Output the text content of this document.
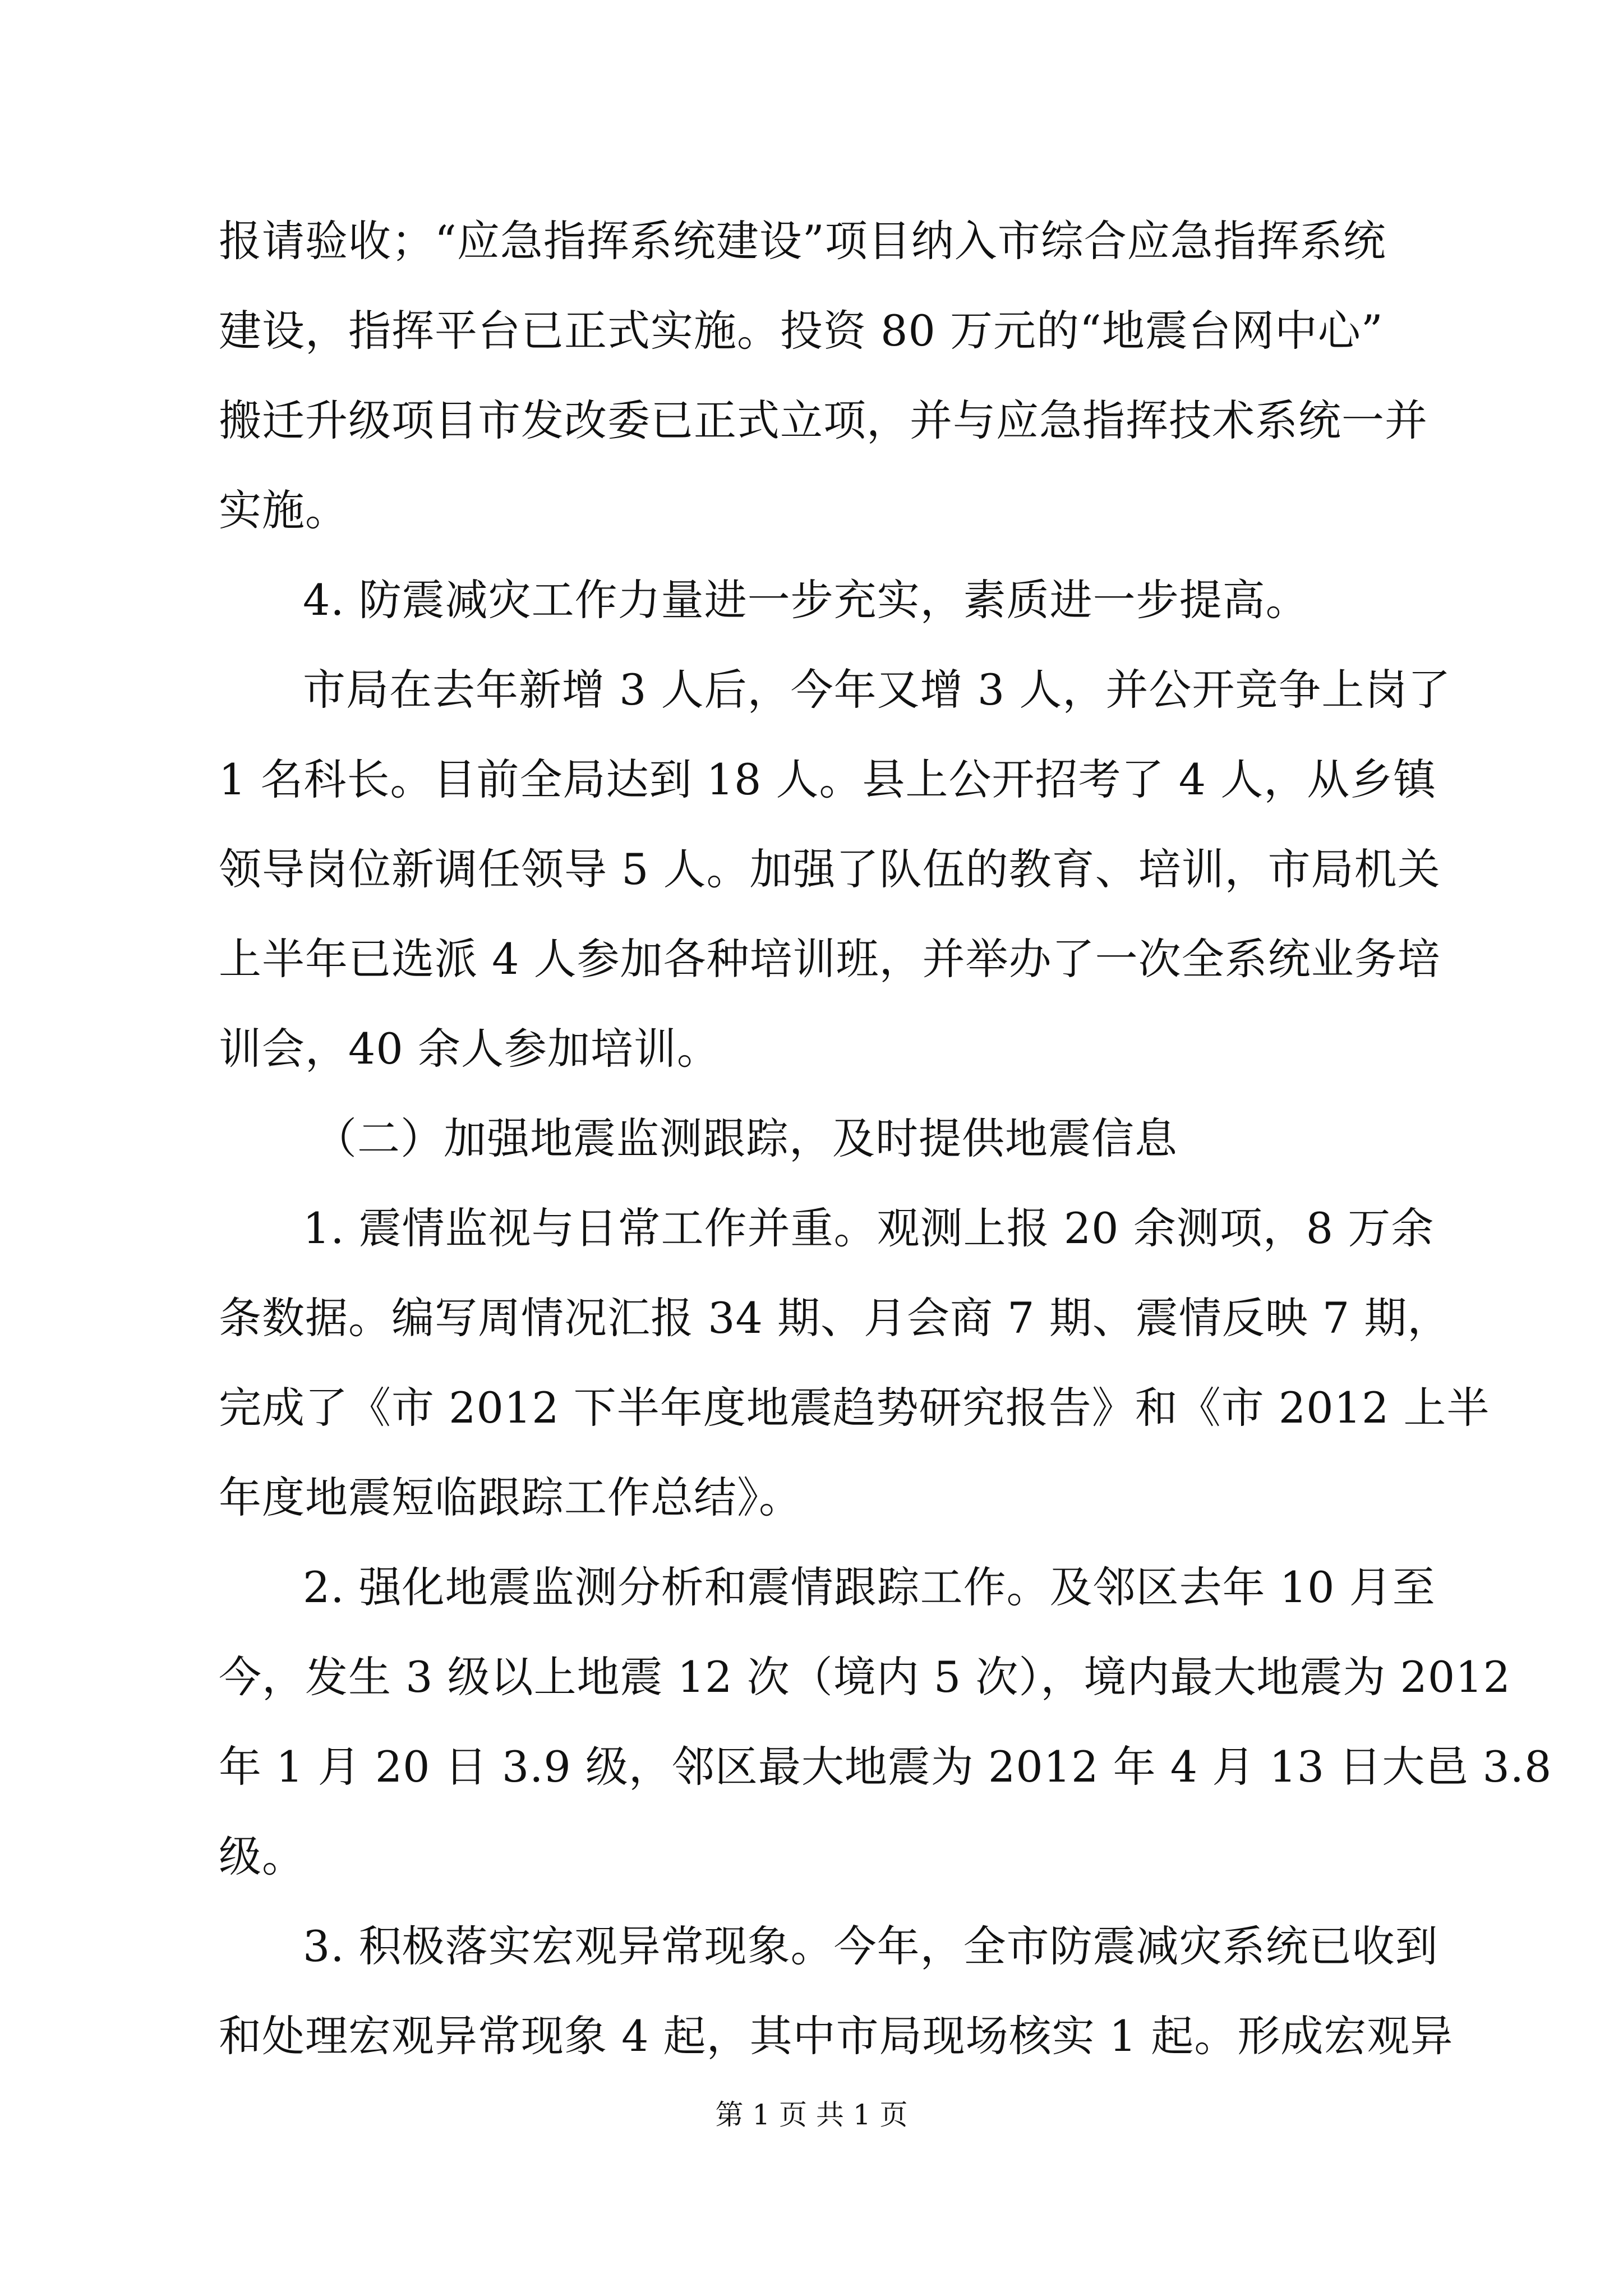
报请验收；“应急指挥系统建设”项目纳入市综合应急指挥系统
建设，指挥平台已正式实施。投资 80 万元的“地震台网中心”
搬迁升级项目市发改委已正式立项，并与应急指挥技术系统一并
实施。
4. 防震减灾工作力量进一步充实，素质进一步提高。
市局在去年新增 3 人后，今年又增 3 人，并公开竞争上岗了
1 名科长。目前全局达到 18 人。县上公开招考了 4 人，从乡镇
领导岗位新调任领导 5 人。加强了队伍的教育、培训，市局机关
上半年已选派 4 人参加各种培训班，并举办了一次全系统业务培
训会，40 余人参加培训。
（二）加强地震监测跟踪，及时提供地震信息
1. 震情监视与日常工作并重。观测上报 20 余测项，8 万余
条数据。编写周情况汇报 34 期、月会商 7 期、震情反映 7 期，
完成了《市 2012 下半年度地震趋势研究报告》和《市 2012 上半
年度地震短临跟踪工作总结》。
2. 强化地震监测分析和震情跟踪工作。及邻区去年 10 月至
今，发生 3 级以上地震 12 次（境内 5 次），境内最大地震为 2012
年 1 月 20 日 3.9 级，邻区最大地震为 2012 年 4 月 13 日大邑 3.8
级。
3. 积极落实宏观异常现象。今年，全市防震减灾系统已收到
和处理宏观异常现象 4 起，其中市局现场核实 1 起。形成宏观异
第 1 页 共 1 页
